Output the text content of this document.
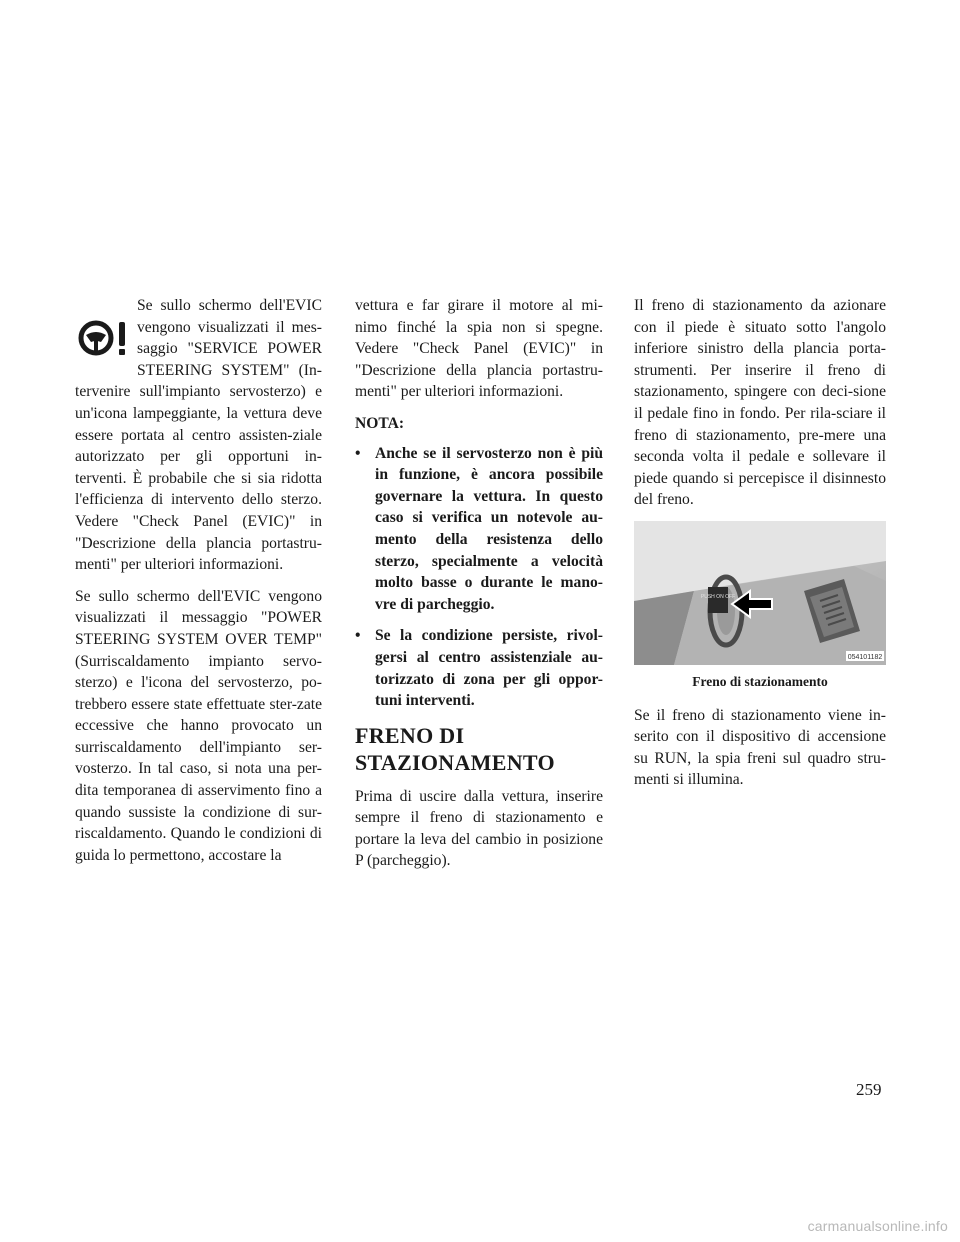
Se sullo schermo dell'EVIC vengono visualizzati il mes-saggio "SERVICE POWER STEERING SYSTEM" (In-tervenire sull'impianto servosterzo) e un'icona lampeggiante, la vettura deve essere portata al centro assisten-ziale autorizzato per gli opportuni in-terventi. È probabile che si sia ridotta l'efficienza di intervento dello sterzo. Vedere "Check Panel (EVIC)" in "Descrizione della plancia portastru-menti" per ulteriori informazioni.

Se sullo schermo dell'EVIC vengono visualizzati il messaggio "POWER STEERING SYSTEM OVER TEMP" (Surriscaldamento impianto servo-sterzo) e l'icona del servosterzo, po-trebbero essere state effettuate ster-zate eccessive che hanno provocato un surriscaldamento dell'impianto ser-vosterzo. In tal caso, si nota una per-dita temporanea di asservimento fino a quando sussiste la condizione di sur-riscaldamento. Quando le condizioni di guida lo permettono, accostare la

vettura e far girare il motore al mi-nimo finché la spia non si spegne. Vedere "Check Panel (EVIC)" in "Descrizione della plancia portastru-menti" per ulteriori informazioni.

NOTA:

• Anche se il servosterzo non è più in funzione, è ancora possibile governare la vettura. In questo caso si verifica un notevole au-mento della resistenza dello sterzo, specialmente a velocità molto basse o durante le mano-vre di parcheggio.
• Se la condizione persiste, rivol-gersi al centro assistenziale au-torizzato di zona per gli oppor-tuni interventi.
FRENO DI STAZIONAMENTO

Prima di uscire dalla vettura, inserire sempre il freno di stazionamento e portare la leva del cambio in posizione P (parcheggio).

Il freno di stazionamento da azionare con il piede è situato sotto l'angolo inferiore sinistro della plancia porta-strumenti. Per inserire il freno di stazionamento, spingere con deci-sione il pedale fino in fondo. Per rila-sciare il freno di stazionamento, pre-mere una seconda volta il pedale e sollevare il piede quando si percepisce il disinnesto del freno.

PUSH ON OFF
054101182
Freno di stazionamento

Se il freno di stazionamento viene in-serito con il dispositivo di accensione su RUN, la spia freni sul quadro stru-menti si illumina.

259
carmanualsonline.info
